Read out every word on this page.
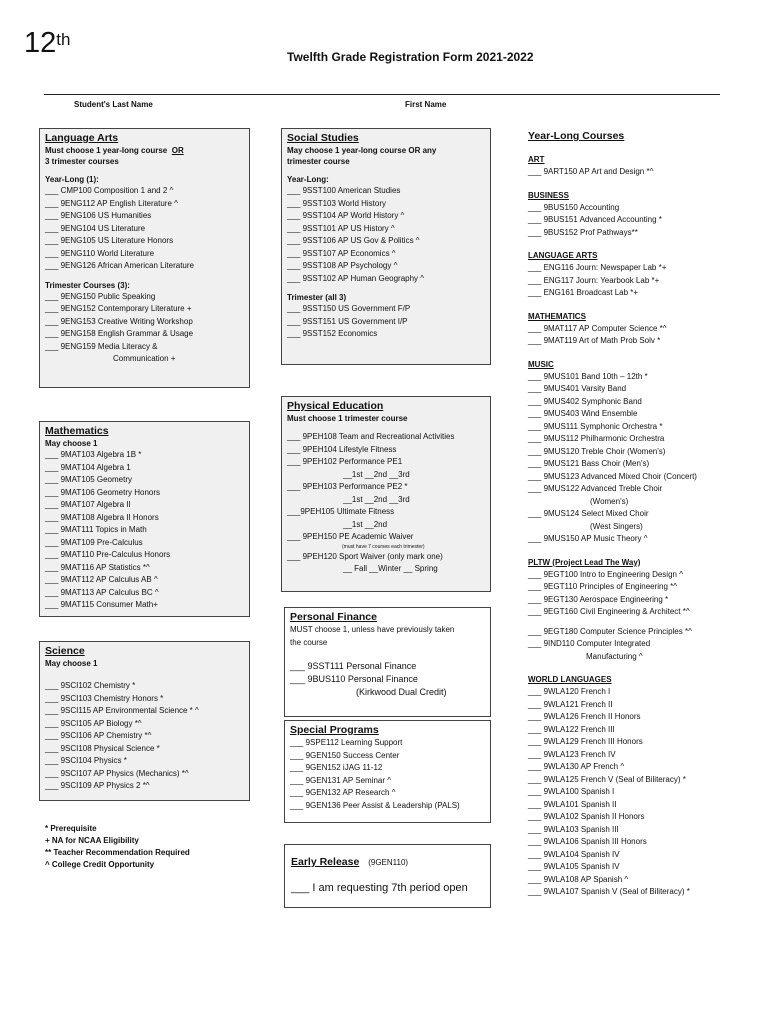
12th
Twelfth Grade Registration Form 2021-2022
Student's Last Name	First Name
Language Arts
Must choose 1 year-long course OR
3 trimester courses
Year-Long (1):
___ CMP100 Composition 1 and 2 ^
___ 9ENG112 AP English Literature ^
___ 9ENG106 US Humanities
___ 9ENG104 US Literature
___ 9ENG105 US Literature Honors
___ 9ENG110 World Literature
___ 9ENG126 African American Literature
Trimester Courses (3):
___ 9ENG150 Public Speaking
___ 9ENG152 Contemporary Literature +
___ 9ENG153 Creative Writing Workshop
___ 9ENG158 English Grammar & Usage
___ 9ENG159 Media Literacy &
Communication +
Mathematics
May choose 1
___ 9MAT103 Algebra 1B *
___ 9MAT104 Algebra 1
___ 9MAT105 Geometry
___ 9MAT106 Geometry Honors
___ 9MAT107 Algebra II
___ 9MAT108 Algebra II Honors
___ 9MAT111 Topics in Math
___ 9MAT109 Pre-Calculus
___ 9MAT110 Pre-Calculus Honors
___ 9MAT116 AP Statistics *^
___ 9MAT112 AP Calculus AB ^
___ 9MAT113 AP Calculus BC ^
___ 9MAT115 Consumer Math+
Science
May choose 1
___ 9SCI102 Chemistry *
___ 9SCI103 Chemistry Honors *
___ 9SCI115 AP Environmental Science * ^
___ 9SCI105 AP Biology *^
___ 9SCI106 AP Chemistry *^
___ 9SCI108 Physical Science *
___ 9SCI104 Physics *
___ 9SCI107 AP Physics (Mechanics) *^
___ 9SCI109 AP Physics 2 *^
* Prerequisite
+ NA for NCAA Eligibility
** Teacher Recommendation Required
^ College Credit Opportunity
Social Studies
May choose 1 year-long course OR any
trimester course
Year-Long:
___ 9SST100 American Studies
___ 9SST103 World History
___ 9SST104 AP World History ^
___ 9SST101 AP US History ^
___ 9SST106 AP US Gov & Politics ^
___ 9SST107 AP Economics ^
___ 9SST108 AP Psychology ^
___ 9SST102 AP Human Geography ^
Trimester (all 3)
___ 9SST150 US Government F/P
___ 9SST151 US Government I/P
___ 9SST152 Economics
Physical Education
Must choose 1 trimester course
___ 9PEH108 Team and Recreational Activities
___ 9PEH104 Lifestyle Fitness
___ 9PEH102 Performance PE1
__1st __2nd __3rd
___ 9PEH103 Performance PE2 *
__1st __2nd __3rd
___9PEH105 Ultimate Fitness
__1st __2nd
___ 9PEH150 PE Academic Waiver
(must have 7 courses each trimester)
___ 9PEH120 Sport Waiver (only mark one)
__ Fall __Winter __ Spring
Personal Finance
MUST choose 1, unless have previously taken
the course
___ 9SST111 Personal Finance
___ 9BUS110 Personal Finance
(Kirkwood Dual Credit)
Special Programs
___ 9SPE112 Learning Support
___ 9GEN150 Success Center
___ 9GEN152 iJAG 11-12
___ 9GEN131 AP Seminar ^
___ 9GEN132 AP Research ^
___ 9GEN136 Peer Assist & Leadership (PALS)
Early Release (9GEN110)
___ I am requesting 7th period open
Year-Long Courses
ART
___ 9ART150 AP Art and Design *^
BUSINESS
___ 9BUS150 Accounting
___ 9BUS151 Advanced Accounting *
___ 9BUS152 Prof Pathways**
LANGUAGE ARTS
___ ENG116 Journ: Newspaper Lab *+
___ ENG117 Journ: Yearbook Lab *+
___ ENG161 Broadcast Lab *+
MATHEMATICS
___ 9MAT117 AP Computer Science *^
___ 9MAT119 Art of Math Prob Solv *
MUSIC
___ 9MUS101 Band 10th – 12th *
___ 9MUS401 Varsity Band
___ 9MUS402 Symphonic Band
___ 9MUS403 Wind Ensemble
___ 9MUS111 Symphonic Orchestra *
___ 9MUS112 Philharmonic Orchestra
___ 9MUS120 Treble Choir (Women's)
___ 9MUS121 Bass Choir (Men's)
___ 9MUS123 Advanced Mixed Choir (Concert)
___ 9MUS122 Advanced Treble Choir
(Women's)
___ 9MUS124 Select Mixed Choir
(West Singers)
___ 9MUS150 AP Music Theory ^
PLTW (Project Lead The Way)
___ 9EGT100 Intro to Engineering Design ^
___ 9EGT110 Principles of Engineering *^
___ 9EGT130 Aerospace Engineering *
___ 9EGT160 Civil Engineering & Architect *^
___ 9EGT180 Computer Science Principles *^
___ 9IND110 Computer Integrated
Manufacturing ^
WORLD LANGUAGES
___ 9WLA120 French I
___ 9WLA121 French II
___ 9WLA126 French II Honors
___ 9WLA122 French III
___ 9WLA129 French III Honors
___ 9WLA123 French IV
___ 9WLA130 AP French ^
___ 9WLA125 French V (Seal of Biliteracy) *
___ 9WLA100 Spanish I
___ 9WLA101 Spanish II
___ 9WLA102 Spanish II Honors
___ 9WLA103 Spanish III
___ 9WLA106 Spanish III Honors
___ 9WLA104 Spanish IV
___ 9WLA105 Spanish IV
___ 9WLA108 AP Spanish ^
___ 9WLA107 Spanish V (Seal of Biliteracy) *
